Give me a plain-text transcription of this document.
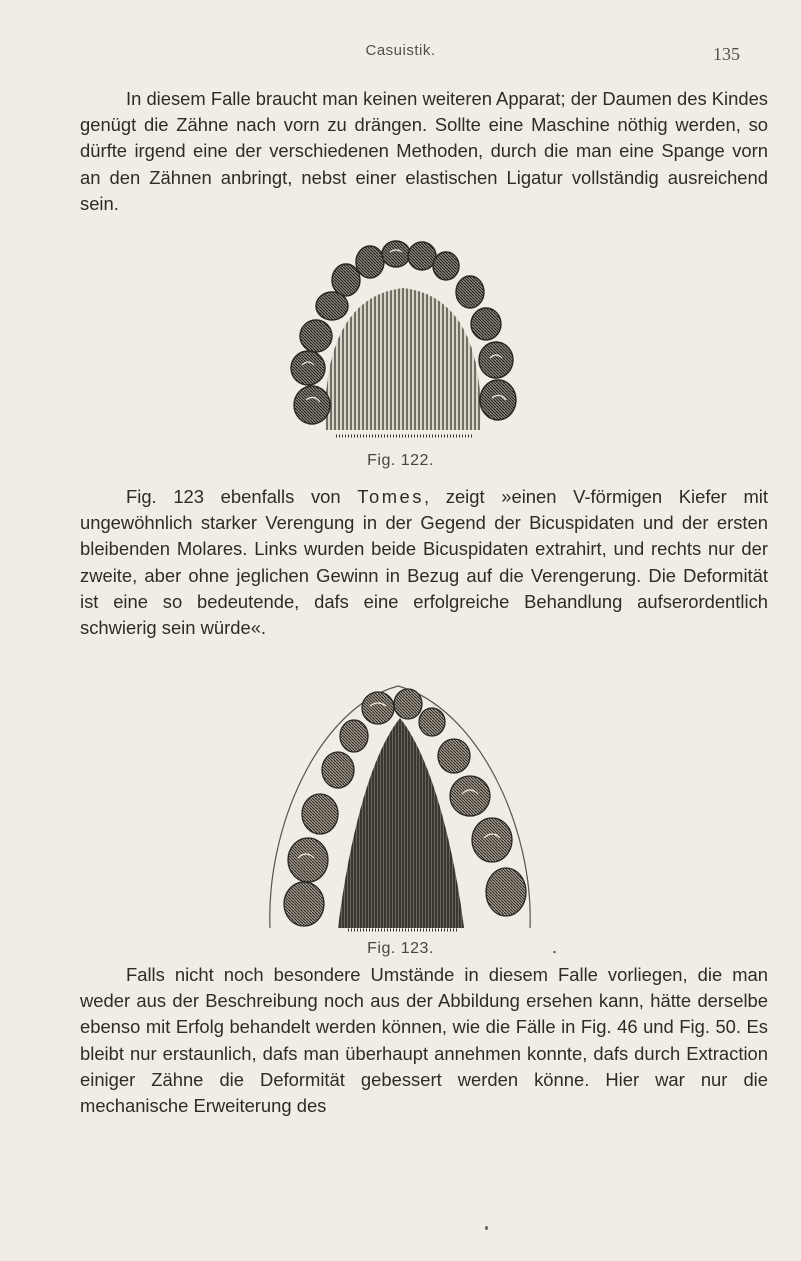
Casuistik.	135
In diesem Falle braucht man keinen weiteren Apparat; der Daumen des Kindes genügt die Zähne nach vorn zu drängen. Sollte eine Maschine nöthig werden, so dürfte irgend eine der verschiedenen Methoden, durch die man eine Spange vorn an den Zähnen anbringt, nebst einer elastischen Ligatur vollständig ausreichend sein.
Fig. 122.
Fig. 123 ebenfalls von Tomes, zeigt »einen V-förmigen Kiefer mit ungewöhnlich starker Verengung in der Gegend der Bicuspidaten und der ersten bleibenden Molares. Links wurden beide Bicuspidaten extrahirt, und rechts nur der zweite, aber ohne jeglichen Gewinn in Bezug auf die Verengerung. Die Deformität ist eine so bedeutende, dafs eine erfolgreiche Behandlung aufserordentlich schwierig sein würde«.
Fig. 123.
Falls nicht noch besondere Umstände in diesem Falle vorliegen, die man weder aus der Beschreibung noch aus der Abbildung ersehen kann, hätte derselbe ebenso mit Erfolg behandelt werden können, wie die Fälle in Fig. 46 und Fig. 50. Es bleibt nur erstaunlich, dafs man überhaupt annehmen konnte, dafs durch Extraction einiger Zähne die Deformität gebessert werden könne. Hier war nur die mechanische Erweiterung des
